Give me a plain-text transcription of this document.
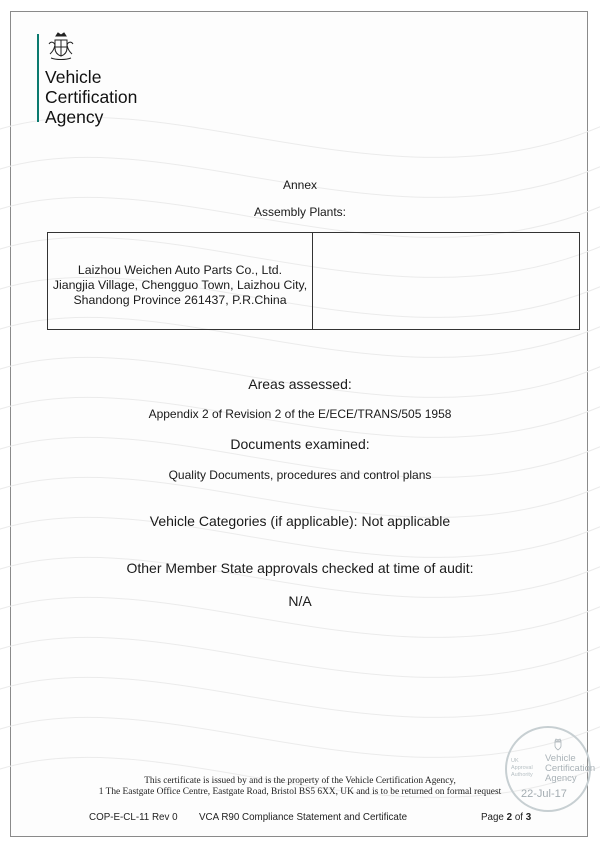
Vehicle
Certification
Agency
Annex
Assembly Plants:
Laizhou Weichen Auto Parts Co., Ltd.
Jiangjia Village, Chengguo Town, Laizhou City,
Shandong Province 261437, P.R.China
Areas assessed:
Appendix 2 of Revision 2 of the E/ECE/TRANS/505 1958
Documents examined:
Quality Documents, procedures and control plans
Vehicle Categories (if applicable): Not applicable
Other Member State approvals checked at time of audit:
N/A
This certificate is issued by and is the property of the Vehicle Certification Agency,
1 The Eastgate Office Centre, Eastgate Road, Bristol BS5 6XX, UK and is to be returned on formal request
COP-E-CL-11 Rev 0 VCA R90 Compliance Statement and Certificate	Page 2 of 3
UK
Approval
Authority
Vehicle
Certification
Agency
22-Jul-17
